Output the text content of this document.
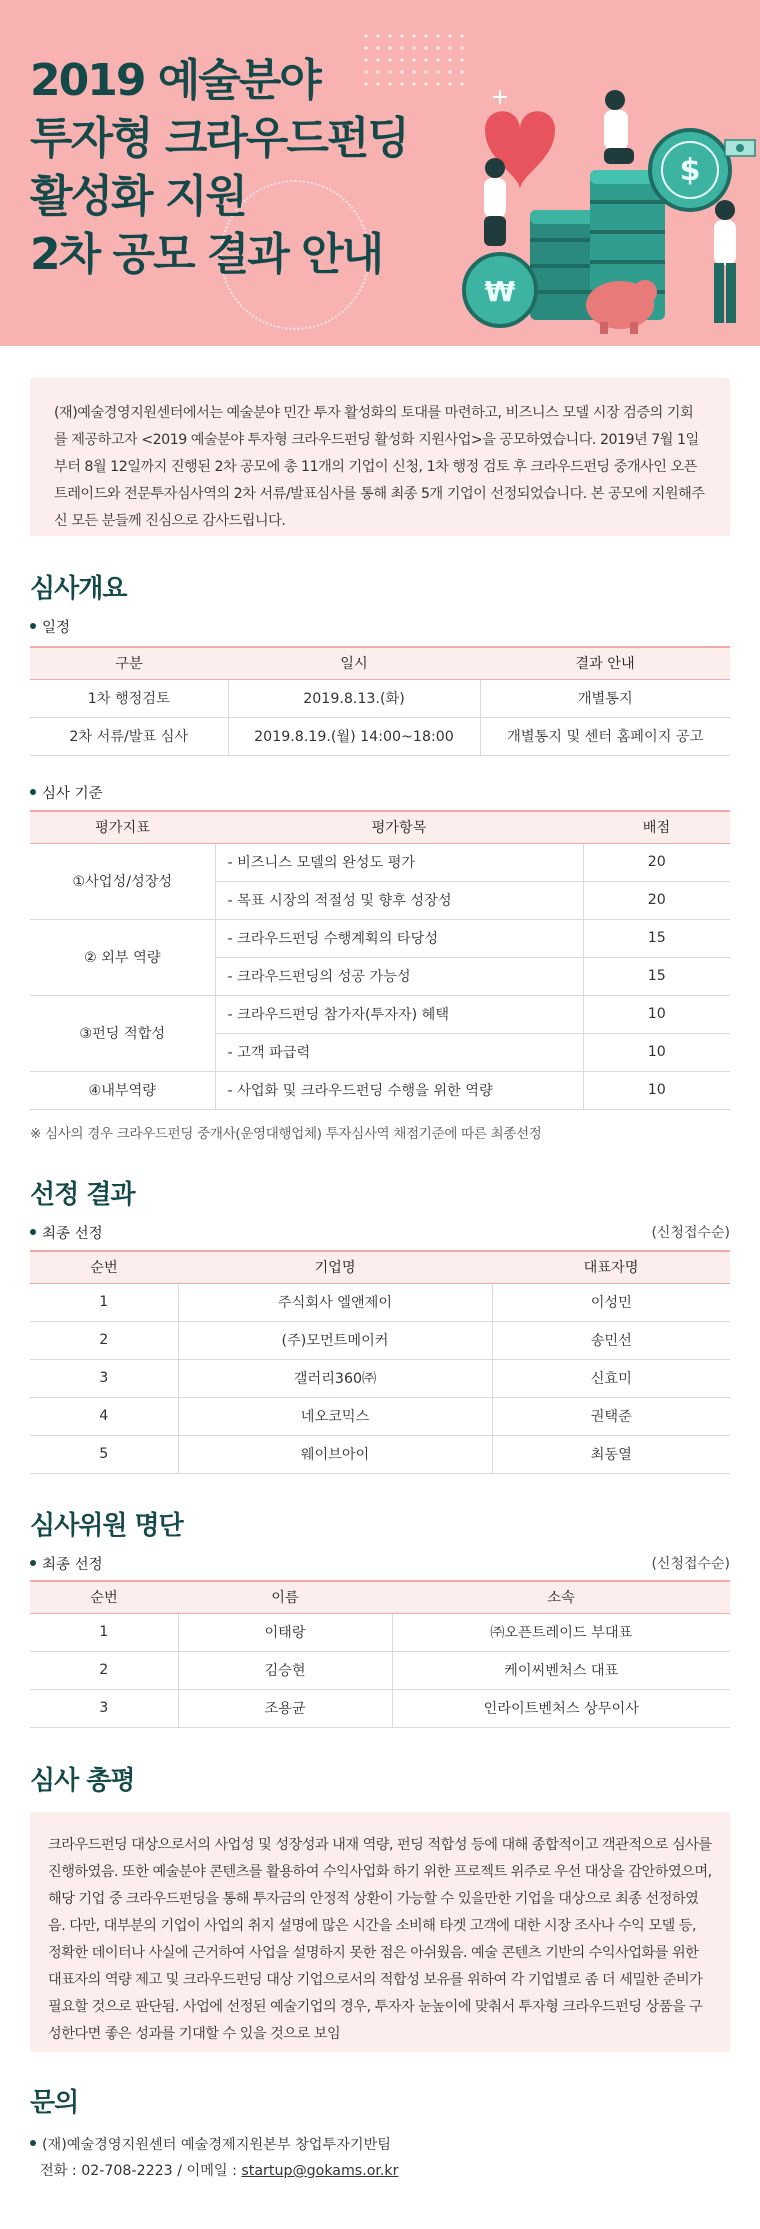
2019 예술분야
투자형 크라우드펀딩
활성화 지원
2차 공모 결과 안내
$
₩

(재)예술경영지원센터에서는 예술분야 민간 투자 활성화의 토대를 마련하고, 비즈니스 모델 시장 검증의 기회를 제공하고자 <2019 예술분야 투자형 크라우드펀딩 활성화 지원사업>을 공모하였습니다. 2019년 7월 1일부터 8월 12일까지 진행된 2차 공모에 총 11개의 기업이 신청, 1차 행정 검토 후 크라우드펀딩 중개사인 오픈트레이드와 전문투자심사역의 2차 서류/발표심사를 통해 최종 5개 기업이 선정되었습니다. 본 공모에 지원해주신 모든 분들께 진심으로 감사드립니다.

심사개요
일정
구분	일시	결과 안내
1차 행정검토	2019.8.13.(화)	개별통지
2차 서류/발표 심사	2019.8.19.(월) 14:00~18:00	개별통지 및 센터 홈페이지 공고
심사 기준
평가지표	평가항목	배점
①사업성/성장성	- 비즈니스 모델의 완성도 평가	20
	- 목표 시장의 적절성 및 향후 성장성	20
② 외부 역량	- 크라우드펀딩 수행계획의 타당성	15
	- 크라우드펀딩의 성공 가능성	15
③펀딩 적합성	- 크라우드펀딩 참가자(투자자) 혜택	10
	- 고객 파급력	10
④내부역량	- 사업화 및 크라우드펀딩 수행을 위한 역량	10
※ 심사의 경우 크라우드펀딩 중개사(운영대행업체) 투자심사역 채점기준에 따른 최종선정
선정 결과
최종 선정	(신청접수순)
순번	기업명	대표자명
1	주식회사 엘앤제이	이성민
2	(주)모먼트메이커	송민선
3	갤러리360㈜	신효미
4	네오코믹스	권택준
5	웨이브아이	최동열
심사위원 명단
최종 선정	(신청접수순)
순번	이름	소속
1	이태랑	㈜오픈트레이드 부대표
2	김승현	케이씨벤처스 대표
3	조용균	인라이트벤처스 상무이사
심사 총평

크라우드펀딩 대상으로서의 사업성 및 성장성과 내재 역량, 펀딩 적합성 등에 대해 종합적이고 객관적으로 심사를 진행하였음. 또한 예술분야 콘텐츠를 활용하여 수익사업화 하기 위한 프로젝트 위주로 우선 대상을 감안하였으며, 해당 기업 중 크라우드펀딩을 통해 투자금의 안정적 상환이 가능할 수 있을만한 기업을 대상으로 최종 선정하였음. 다만, 대부분의 기업이 사업의 취지 설명에 많은 시간을 소비해 타겟 고객에 대한 시장 조사나 수익 모델 등, 정확한 데이터나 사실에 근거하여 사업을 설명하지 못한 점은 아쉬웠음. 예술 콘텐츠 기반의 수익사업화를 위한 대표자의 역량 제고 및 크라우드펀딩 대상 기업으로서의 적합성 보유를 위하여 각 기업별로 좀 더 세밀한 준비가 필요할 것으로 판단됨. 사업에 선정된 예술기업의 경우, 투자자 눈높이에 맞춰서 투자형 크라우드펀딩 상품을 구성한다면 좋은 성과를 기대할 수 있을 것으로 보임

문의
(재)예술경영지원센터 예술경제지원본부 창업투자기반팀
전화 : 02-708-2223 / 이메일 : startup@gokams.or.kr
